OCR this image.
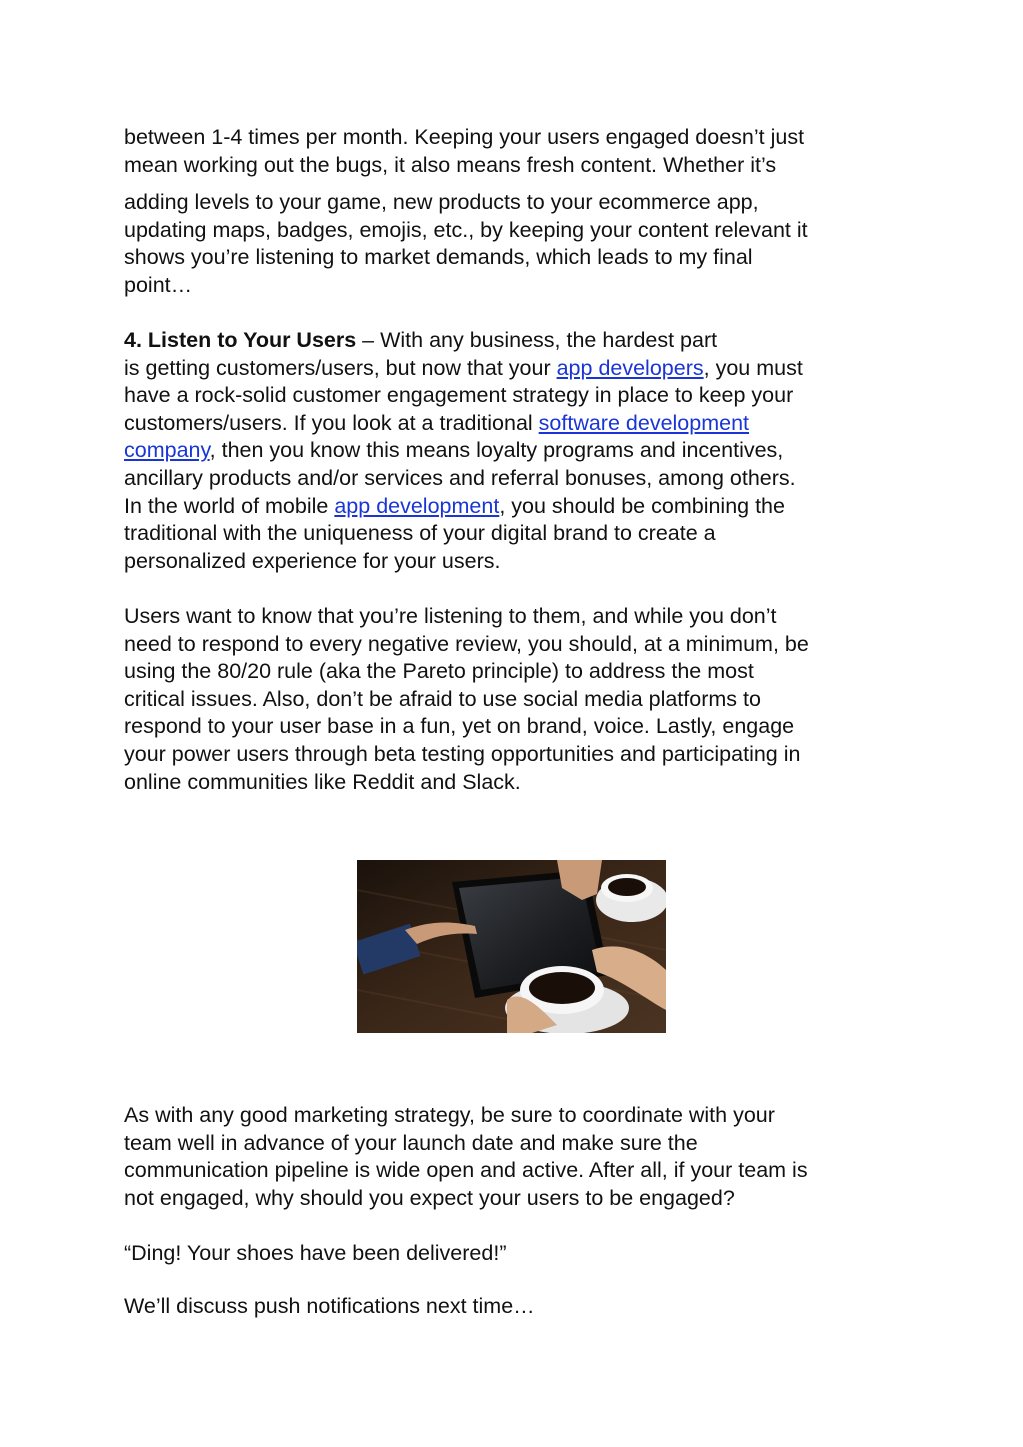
between 1-4 times per month. Keeping your users engaged doesn’t just
mean working out the bugs, it also means fresh content. Whether it’s
adding levels to your game, new products to your ecommerce app,
updating maps, badges, emojis, etc., by keeping your content relevant it
shows you’re listening to market demands, which leads to my final
point…
4. Listen to Your Users – With any business, the hardest part
is getting customers/users, but now that your app developers, you must
have a rock-solid customer engagement strategy in place to keep your
customers/users. If you look at a traditional software development
company, then you know this means loyalty programs and incentives,
ancillary products and/or services and referral bonuses, among others.
In the world of mobile app development, you should be combining the
traditional with the uniqueness of your digital brand to create a
personalized experience for your users.
Users want to know that you’re listening to them, and while you don’t
need to respond to every negative review, you should, at a minimum, be
using the 80/20 rule (aka the Pareto principle) to address the most
critical issues. Also, don’t be afraid to use social media platforms to
respond to your user base in a fun, yet on brand, voice. Lastly, engage
your power users through beta testing opportunities and participating in
online communities like Reddit and Slack.
As with any good marketing strategy, be sure to coordinate with your
team well in advance of your launch date and make sure the
communication pipeline is wide open and active. After all, if your team is
not engaged, why should you expect your users to be engaged?
“Ding! Your shoes have been delivered!”
We’ll discuss push notifications next time…
